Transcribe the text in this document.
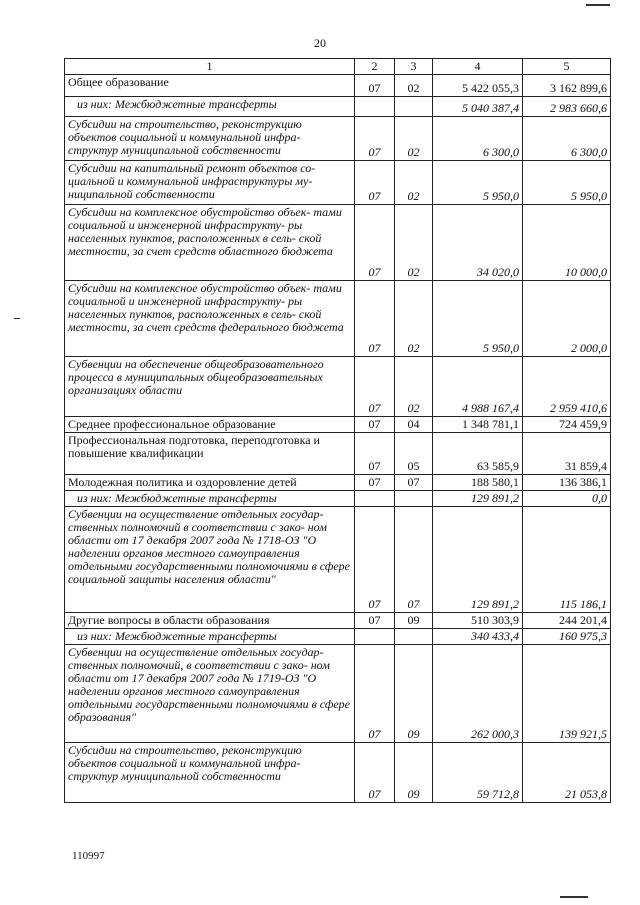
20
1	2	3	4	5
Общее образование	07	02	5 422 055,3	3 162 899,6
из них: Межбюджетные трансферты			5 040 387,4	2 983 660,6
Субсидии на строительство, реконструкцию объектов социальной и коммунальной инфра- структур муниципальной собственности	07	02	6 300,0	6 300,0
Субсидии на капитальный ремонт объектов со- циальной и коммунальной инфраструктуры му- ниципальной собственности	07	02	5 950,0	5 950,0
Субсидии на комплексное обустройство объек- тами социальной и инженерной инфраструкту- ры населенных пунктов, расположенных в сель- ской местности, за счет средств областного бюджета	07	02	34 020,0	10 000,0
Субсидии на комплексное обустройство объек- тами социальной и инженерной инфраструкту- ры населенных пунктов, расположенных в сель- ской местности, за счет средств федерального бюджета	07	02	5 950,0	2 000,0
Субвенции на обеспечение общеобразовательного процесса в муниципальных общеобразовательных организациях области	07	02	4 988 167,4	2 959 410,6
Среднее профессиональное образование	07	04	1 348 781,1	724 459,9
Профессиональная подготовка, переподготовка и повышение квалификации	07	05	63 585,9	31 859,4
Молодежная политика и оздоровление детей	07	07	188 580,1	136 386,1
из них: Межбюджетные трансферты			129 891,2	0,0
Субвенции на осуществление отдельных государ- ственных полномочий в соответствии с зако- ном области от 17 декабря 2007 года № 1718-ОЗ "О наделении органов местного самоуправления отдельными государственными полномочиями в сфере социальной защиты населения области"	07	07	129 891,2	115 186,1
Другие вопросы в области образования	07	09	510 303,9	244 201,4
из них: Межбюджетные трансферты			340 433,4	160 975,3
Субвенции на осуществление отдельных государ- ственных полномочий, в соответствии с зако- ном области от 17 декабря 2007 года № 1719-ОЗ "О наделении органов местного самоуправления отдельными государственными полномочиями в сфере образования"	07	09	262 000,3	139 921,5
Субсидии на строительство, реконструкцию объектов социальной и коммунальной инфра- структур муниципальной собственности	07	09	59 712,8	21 053,8
110997
